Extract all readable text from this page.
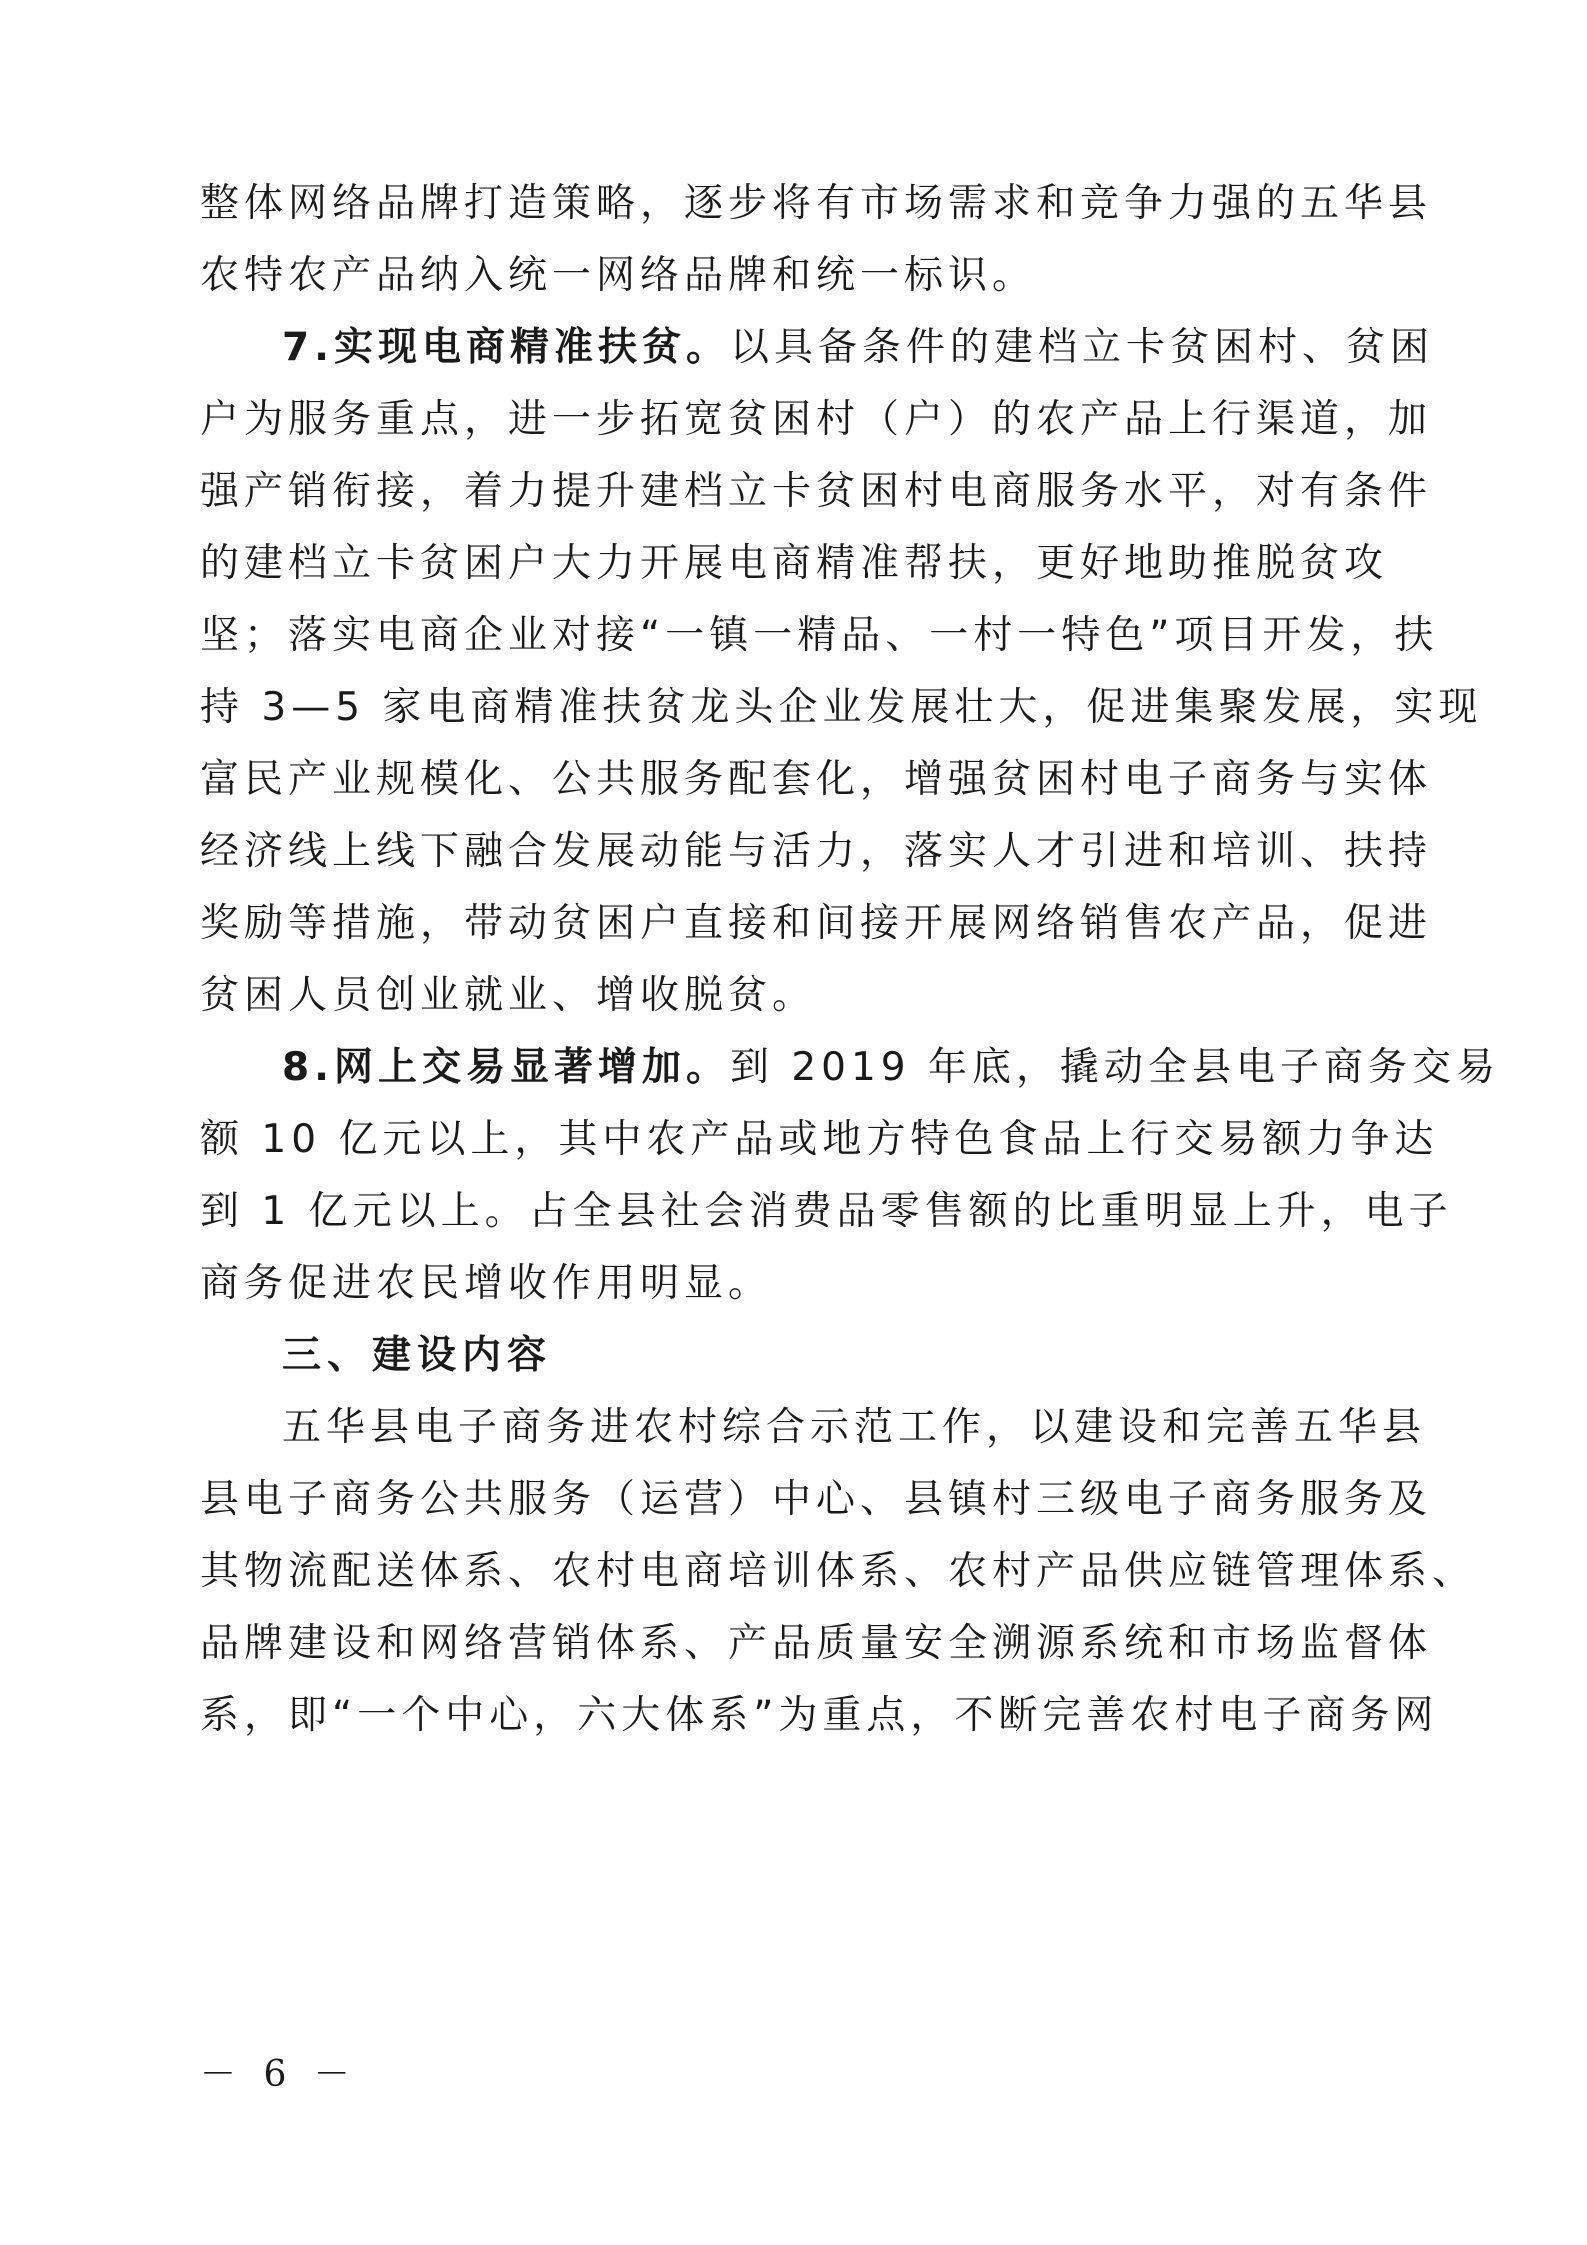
整体网络品牌打造策略，逐步将有市场需求和竞争力强的五华县
农特农产品纳入统一网络品牌和统一标识。
7.实现电商精准扶贫。以具备条件的建档立卡贫困村、贫困
户为服务重点，进一步拓宽贫困村（户）的农产品上行渠道，加
强产销衔接，着力提升建档立卡贫困村电商服务水平，对有条件
的建档立卡贫困户大力开展电商精准帮扶，更好地助推脱贫攻
坚；落实电商企业对接“一镇一精品、一村一特色”项目开发，扶
持 3—5 家电商精准扶贫龙头企业发展壮大，促进集聚发展，实现
富民产业规模化、公共服务配套化，增强贫困村电子商务与实体
经济线上线下融合发展动能与活力，落实人才引进和培训、扶持
奖励等措施，带动贫困户直接和间接开展网络销售农产品，促进
贫困人员创业就业、增收脱贫。
8.网上交易显著增加。到 2019 年底，撬动全县电子商务交易
额 10 亿元以上，其中农产品或地方特色食品上行交易额力争达
到 1 亿元以上。占全县社会消费品零售额的比重明显上升，电子
商务促进农民增收作用明显。
三、建设内容
五华县电子商务进农村综合示范工作，以建设和完善五华县
县电子商务公共服务（运营）中心、县镇村三级电子商务服务及
其物流配送体系、农村电商培训体系、农村产品供应链管理体系、
品牌建设和网络营销体系、产品质量安全溯源系统和市场监督体
系，即“一个中心，六大体系”为重点，不断完善农村电子商务网
－ 6 －
